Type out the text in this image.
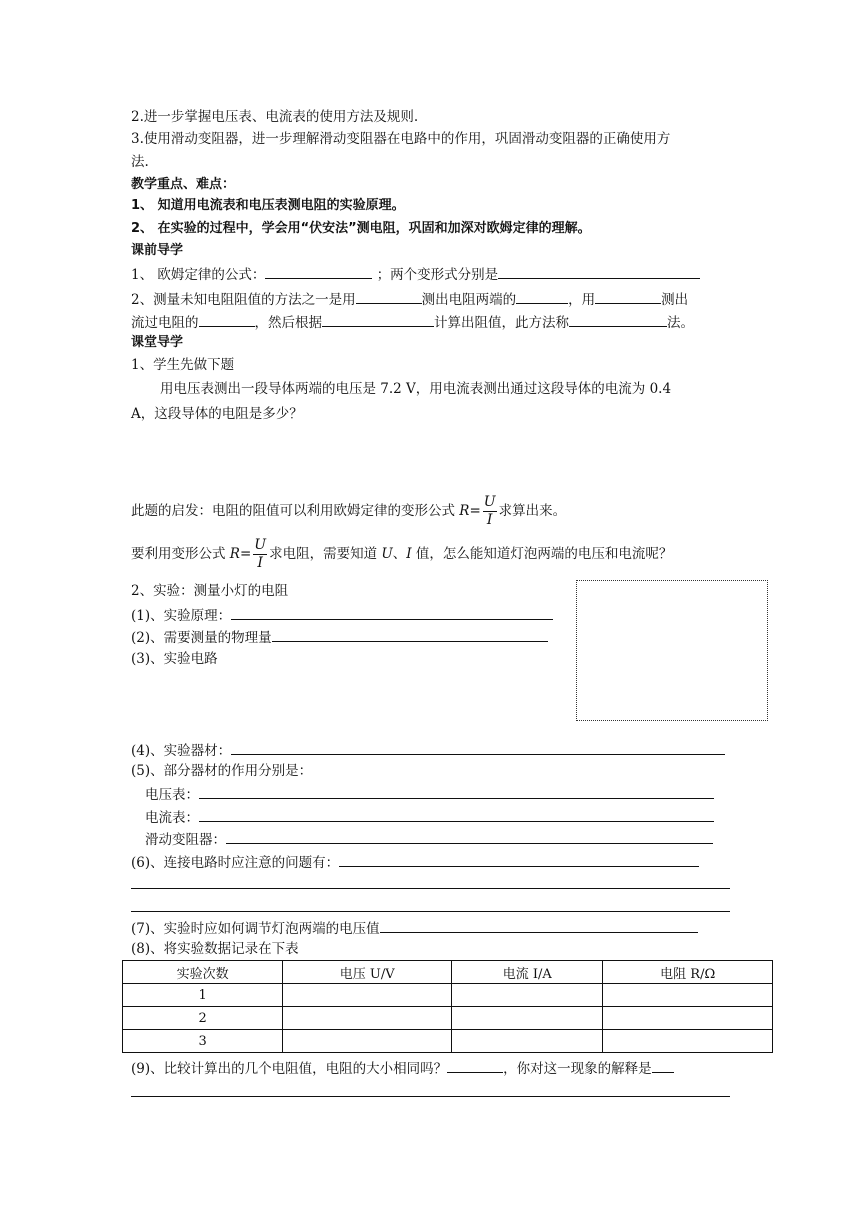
2.进一步掌握电压表、电流表的使用方法及规则.
3.使用滑动变阻器，进一步理解滑动变阻器在电路中的作用，巩固滑动变阻器的正确使用方
法.
教学重点、难点：
1、 知道用电流表和电压表测电阻的实验原理。
2、 在实验的过程中，学会用“伏安法”测电阻，巩固和加深对欧姆定律的理解。
课前导学
1、 欧姆定律的公式：	；两个变形式分别是
2、测量未知电阻阻值的方法之一是用	测出电阻两端的	，用	测出
流过电阻的	，然后根据	计算出阻值，此方法称	法。
课堂导学
1、学生先做下题
用电压表测出一段导体两端的电压是 7.2 V，用电流表测出通过这段导体的电流为 0.4
A，这段导体的电阻是多少？
此题的启发：电阻的阻值可以利用欧姆定律的变形公式 $R= \frac{U}{I}$ 求算出来。
要利用变形公式 $R= \frac{U}{I}$ 求电阻，需要知道 U、I 值，怎么能知道灯泡两端的电压和电流呢？
2、实验：测量小灯的电阻
(1)、实验原理：
(2)、需要测量的物理量
(3)、实验电路
(4)、实验器材：
(5)、部分器材的作用分别是：
电压表：
电流表：
滑动变阻器：
(6)、连接电路时应注意的问题有：
(7)、实验时应如何调节灯泡两端的电压值
(8)、将实验数据记录在下表
实验次数	电压 U/V	电流 I/A	电阻 R/Ω
1			
2			
3			
(9)、比较计算出的几个电阻值，电阻的大小相同吗？	，你对这一现象的解释是
